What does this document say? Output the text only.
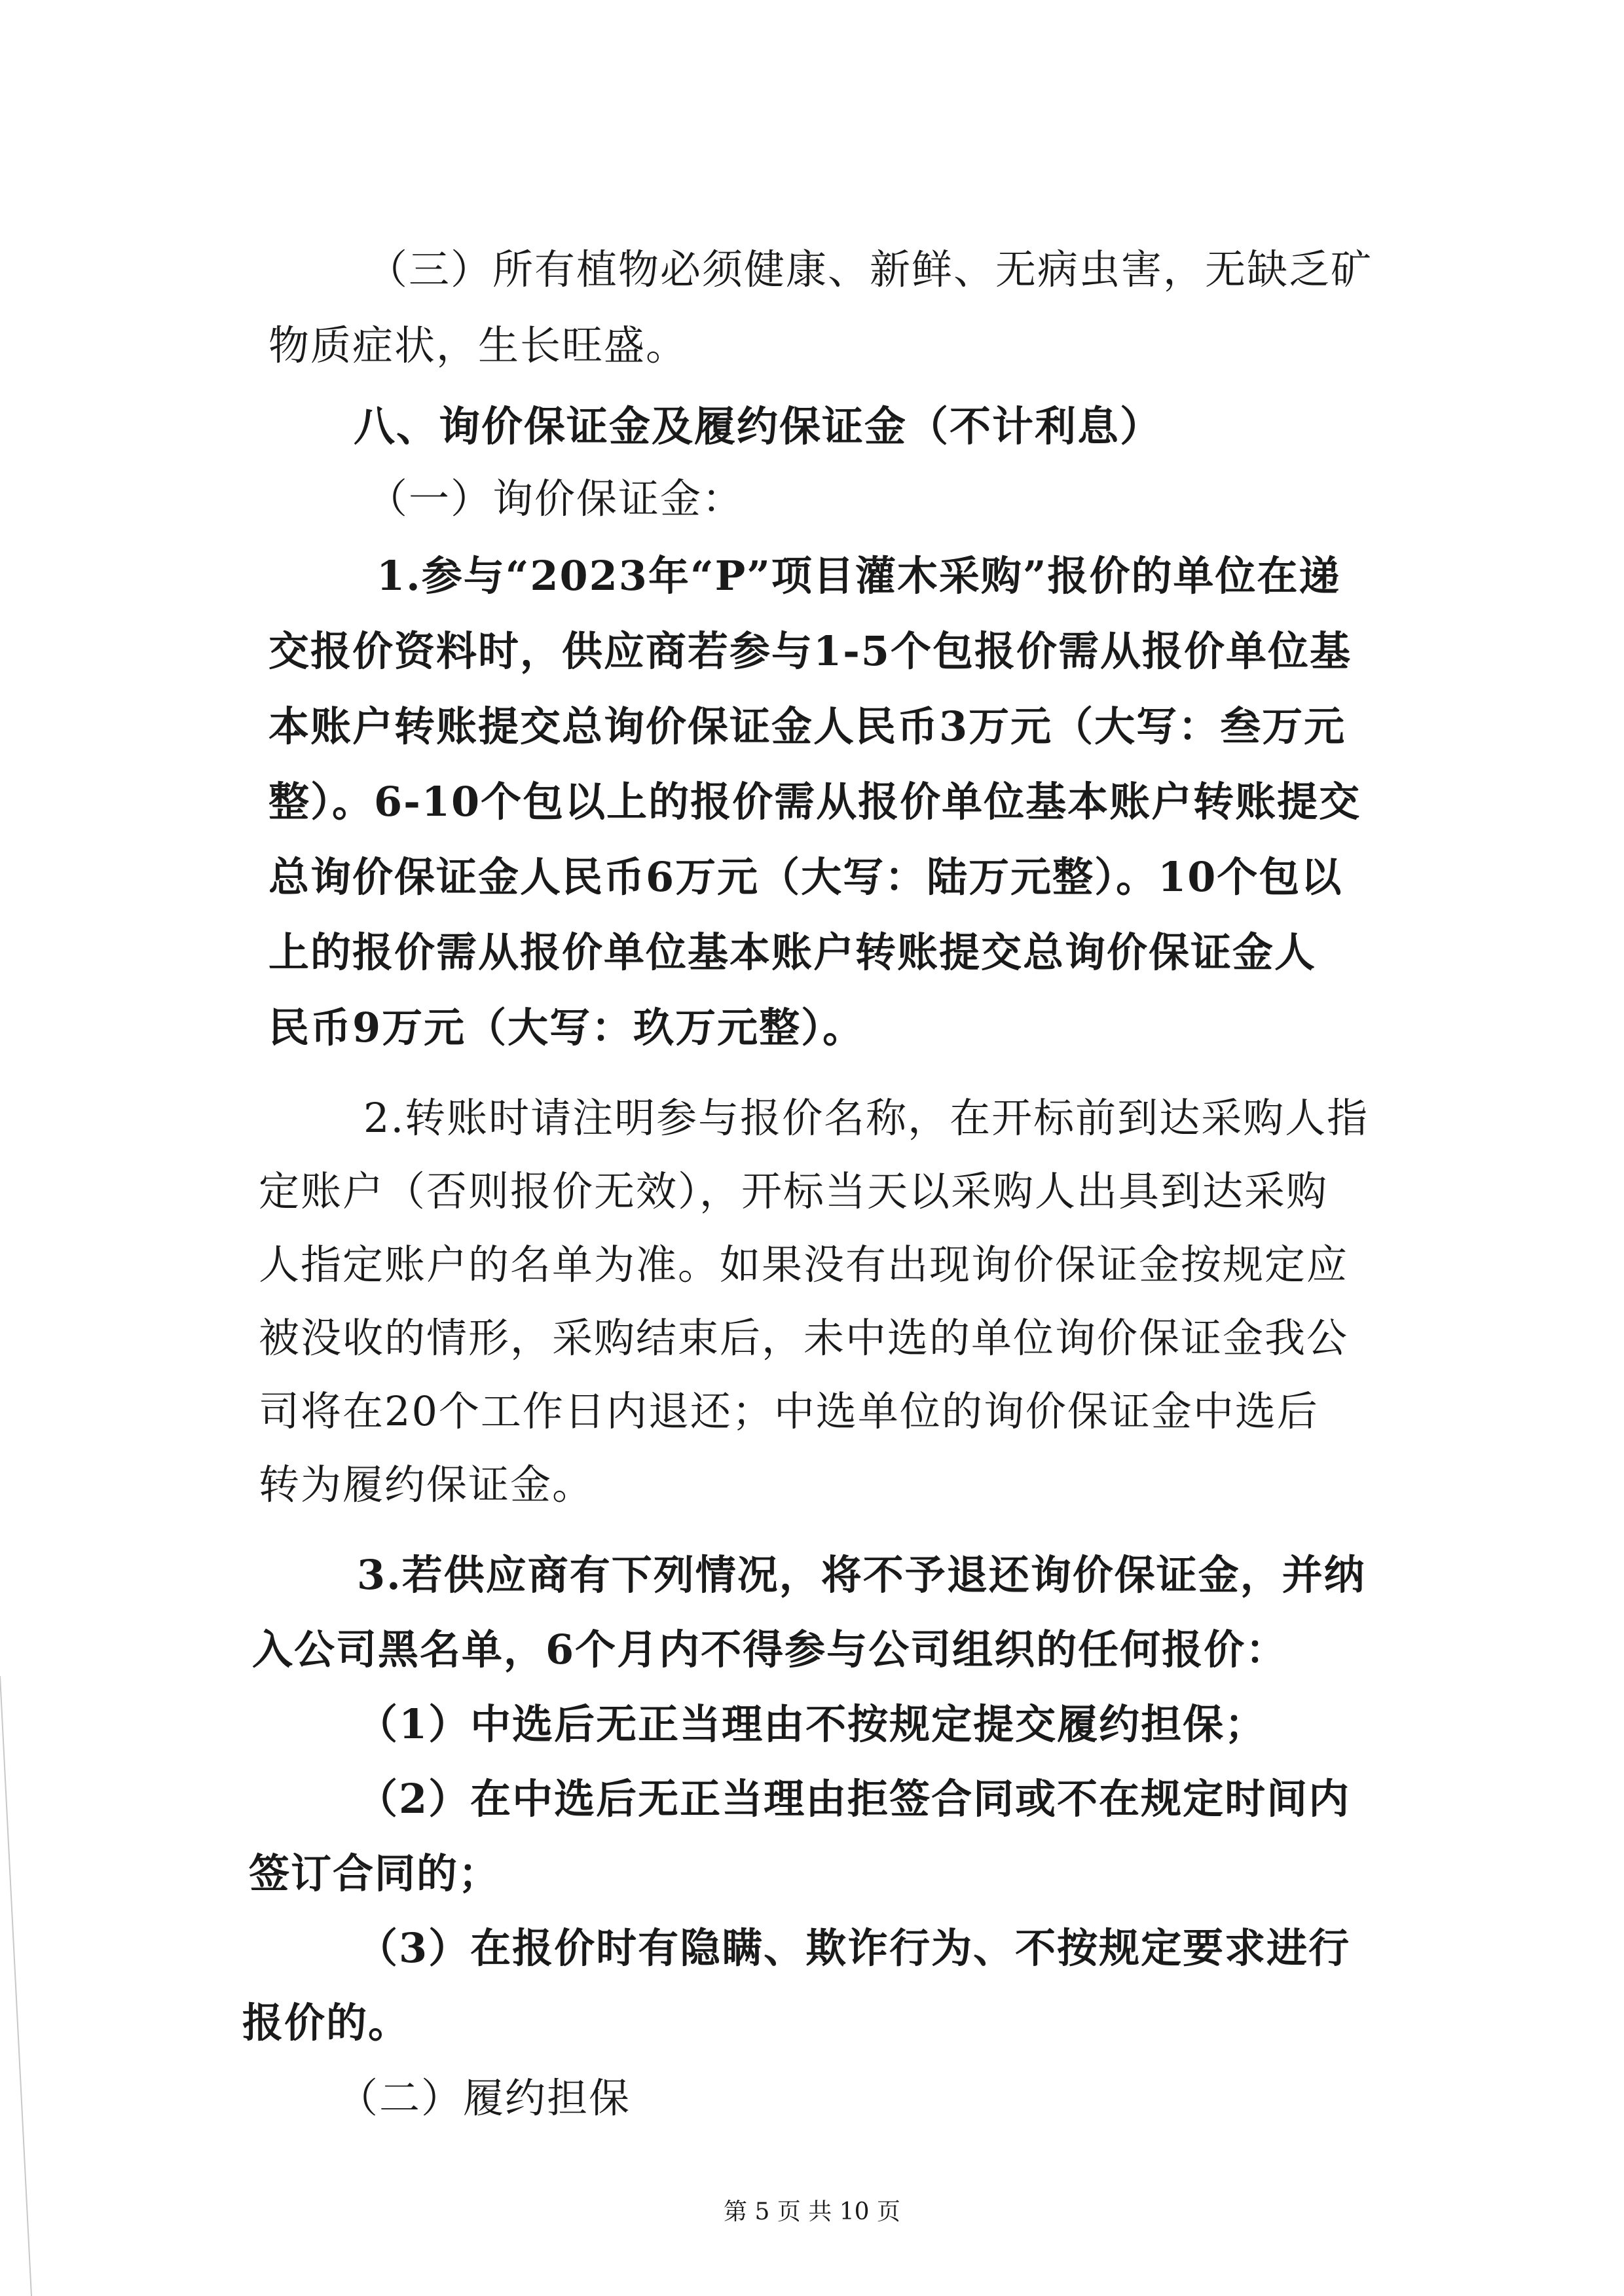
（三）所有植物必须健康、新鲜、无病虫害，无缺乏矿
物质症状，生长旺盛。
八、询价保证金及履约保证金（不计利息）
（一）询价保证金：
1.参与“2023年“P”项目灌木采购”报价的单位在递
交报价资料时，供应商若参与1-5个包报价需从报价单位基
本账户转账提交总询价保证金人民币3万元（大写：叁万元
整）。6-10个包以上的报价需从报价单位基本账户转账提交
总询价保证金人民币6万元（大写：陆万元整）。10个包以
上的报价需从报价单位基本账户转账提交总询价保证金人
民币9万元（大写：玖万元整）。
2.转账时请注明参与报价名称，在开标前到达采购人指
定账户（否则报价无效），开标当天以采购人出具到达采购
人指定账户的名单为准。如果没有出现询价保证金按规定应
被没收的情形，采购结束后，未中选的单位询价保证金我公
司将在20个工作日内退还；中选单位的询价保证金中选后
转为履约保证金。
3.若供应商有下列情况，将不予退还询价保证金，并纳
入公司黑名单，6个月内不得参与公司组织的任何报价：
（1）中选后无正当理由不按规定提交履约担保；
（2）在中选后无正当理由拒签合同或不在规定时间内
签订合同的；
（3）在报价时有隐瞒、欺诈行为、不按规定要求进行
报价的。
（二）履约担保
第 5 页 共 10 页
